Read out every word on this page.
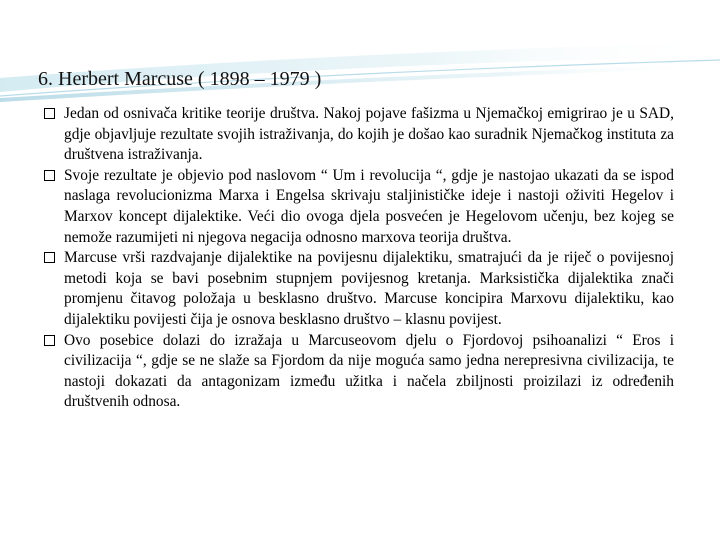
6. Herbert Marcuse ( 1898 – 1979 )
Jedan od osnivača kritike teorije društva. Nakoj pojave fašizma u Njemačkoj emigrirao je u SAD, gdje objavljuje rezultate svojih istraživanja, do kojih je došao kao suradnik Njemačkog instituta za društvena istraživanja.
Svoje rezultate je objevio pod naslovom “ Um i revolucija “, gdje je nastojao ukazati da se ispod naslaga revolucionizma Marxa i Engelsa skrivaju staljinističke ideje i nastoji oživiti Hegelov i Marxov koncept dijalektike. Veći dio ovoga djela posvećen je Hegelovom učenju, bez kojeg se nemože razumijeti ni njegova negacija odnosno marxova teorija društva.
Marcuse vrši razdvajanje dijalektike na povijesnu dijalektiku, smatrajući da je riječ o povijesnoj metodi koja se bavi posebnim stupnjem povijesnog kretanja. Marksistička dijalektika znači promjenu čitavog položaja u besklasno društvo. Marcuse koncipira Marxovu dijalektiku, kao dijalektiku povijesti čija je osnova besklasno društvo – klasnu povijest.
Ovo posebice dolazi do izražaja u Marcuseovom djelu o Fjordovoj psihoanalizi “ Eros i civilizacija “, gdje se ne slaže sa Fjordom da nije moguća samo jedna nerepresivna civilizacija, te nastoji dokazati da antagonizam između užitka i načela zbiljnosti proizilazi iz određenih društvenih odnosa.
